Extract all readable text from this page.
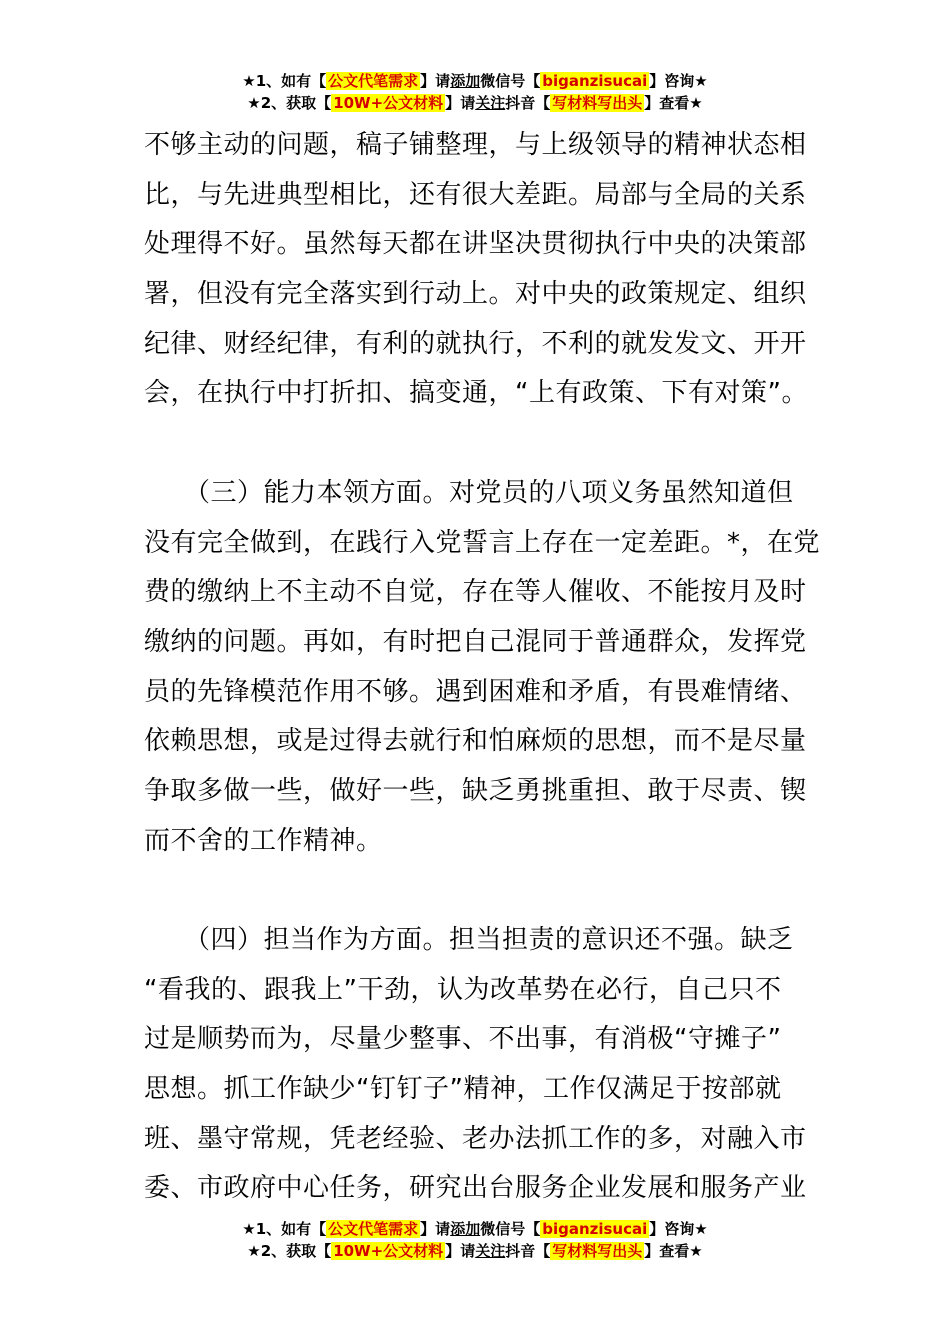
★1、如有【 公文代笔需求 】请添加微信号【 biganzisucai 】咨询★
★2、获取【 10W+公文材料 】请关注抖音【 写材料写出头 】查看★
不够主动的问题，稿子铺整理，与上级领导的精神状态相
比，与先进典型相比，还有很大差距。局部与全局的关系
处理得不好。虽然每天都在讲坚决贯彻执行中央的决策部
署，但没有完全落实到行动上。对中央的政策规定、组织
纪律、财经纪律，有利的就执行，不利的就发发文、开开
会，在执行中打折扣、搞变通，“上有政策、下有对策”。
　　（三）能力本领方面。对党员的八项义务虽然知道但
没有完全做到，在践行入党誓言上存在一定差距。*，在党
费的缴纳上不主动不自觉，存在等人催收、不能按月及时
缴纳的问题。再如，有时把自己混同于普通群众，发挥党
员的先锋模范作用不够。遇到困难和矛盾，有畏难情绪、
依赖思想，或是过得去就行和怕麻烦的思想，而不是尽量
争取多做一些，做好一些，缺乏勇挑重担、敢于尽责、锲
而不舍的工作精神。
　　（四）担当作为方面。担当担责的意识还不强。缺乏
“看我的、跟我上”干劲，认为改革势在必行，自己只不
过是顺势而为，尽量少整事、不出事，有消极“守摊子”
思想。抓工作缺少“钉钉子”精神，工作仅满足于按部就
班、墨守常规，凭老经验、老办法抓工作的多，对融入市
委、市政府中心任务，研究出台服务企业发展和服务产业
★1、如有【 公文代笔需求 】请添加微信号【 biganzisucai 】咨询★
★2、获取【 10W+公文材料 】请关注抖音【 写材料写出头 】查看★
